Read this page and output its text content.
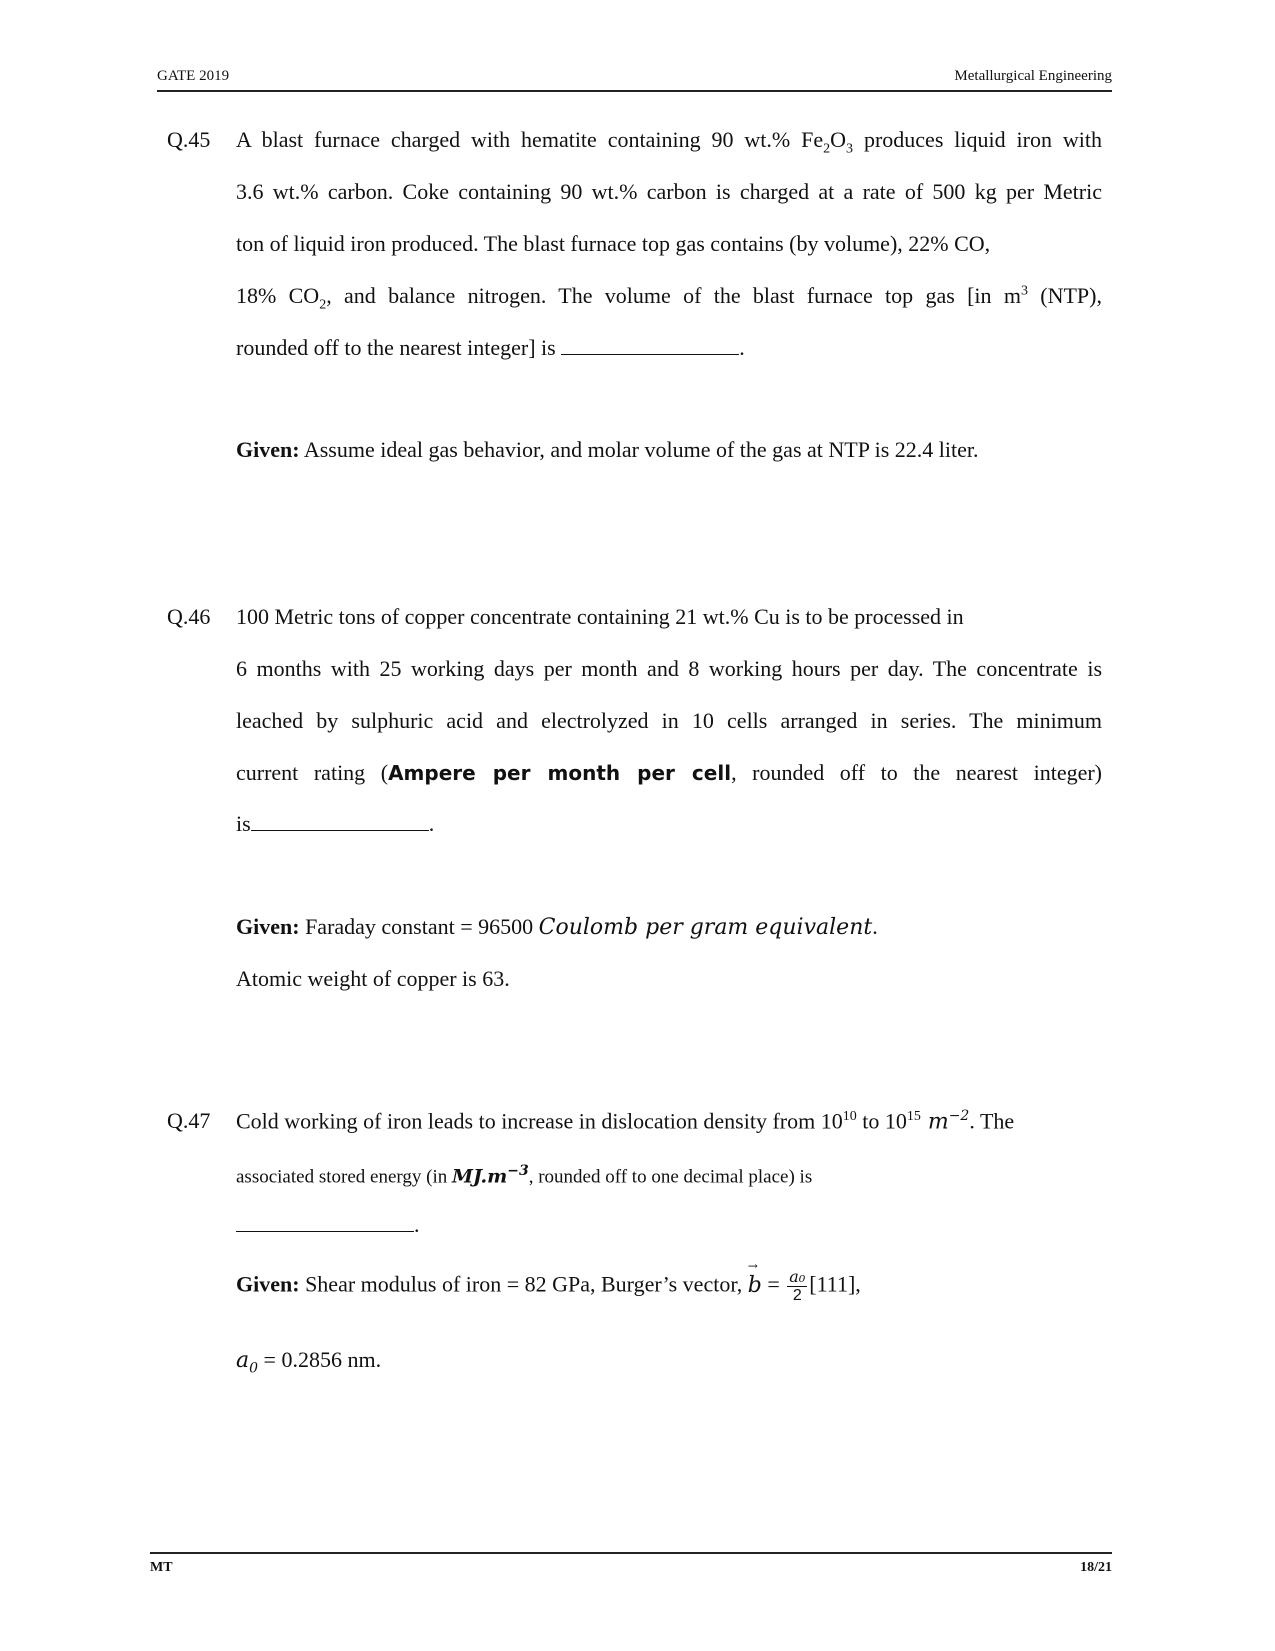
GATE 2019	Metallurgical Engineering
Q.45 A blast furnace charged with hematite containing 90 wt.% $Fe_2O_3$ produces liquid iron with
3.6 wt.% carbon. Coke containing 90 wt.% carbon is charged at a rate of 500 kg per Metric
ton of liquid iron produced. The blast furnace top gas contains (by volume), 22% CO,
18% $CO_2$, and balance nitrogen. The volume of the blast furnace top gas [in $m^3$ (NTP),
rounded off to the nearest integer] is	.
Given: Assume ideal gas behavior, and molar volume of the gas at NTP is 22.4 liter.
Q.46 100 Metric tons of copper concentrate containing 21 wt.% Cu is to be processed in
6 months with 25 working days per month and 8 working hours per day. The concentrate is
leached by sulphuric acid and electrolyzed in 10 cells arranged in series. The minimum
current rating (Ampere per month per cell, rounded off to the nearest integer)
is	.
Given: Faraday constant = 96500 Coulomb per gram equivalent.
Atomic weight of copper is 63.
Q.47 Cold working of iron leads to increase in dislocation density from $10^{10}$ to $10^{15}$ $m^{-2}$. The
associated stored energy (in $MJ.m^{-3}$, rounded off to one decimal place) is
.
Given: Shear modulus of iron = 82 GPa, Burger’s vector, → $b = \frac{\text{a₀}}{2} [111]$,
$a_0 = 0.2856$ nm.
MT	18/21
